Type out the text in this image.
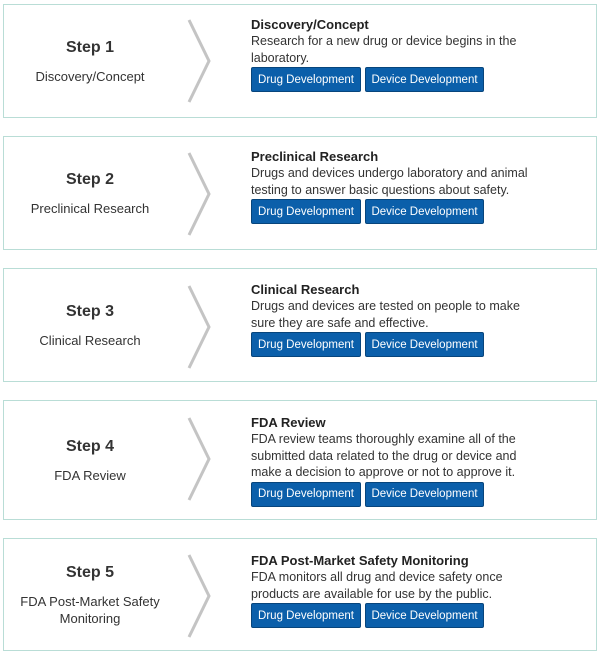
Step 1
Discovery/Concept
Discovery/Concept
Research for a new drug or device begins in the laboratory.
Drug Development	Device Development
Step 2
Preclinical Research
Preclinical Research
Drugs and devices undergo laboratory and animal testing to answer basic questions about safety.
Drug Development	Device Development
Step 3
Clinical Research
Clinical Research
Drugs and devices are tested on people to make sure they are safe and effective.
Drug Development	Device Development
Step 4
FDA Review
FDA Review
FDA review teams thoroughly examine all of the submitted data related to the drug or device and make a decision to approve or not to approve it.
Drug Development	Device Development
Step 5
FDA Post-Market Safety Monitoring
FDA Post-Market Safety Monitoring
FDA monitors all drug and device safety once products are available for use by the public.
Drug Development	Device Development
